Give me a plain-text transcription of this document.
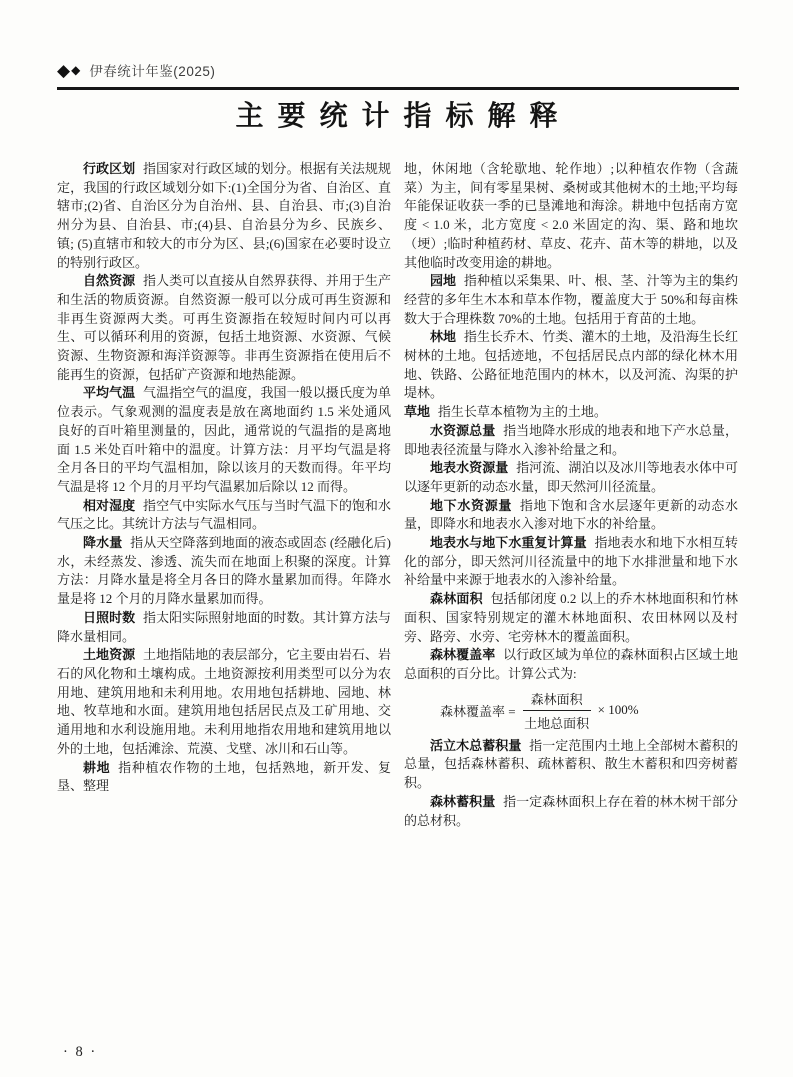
◆ ◆ 伊春统计年鉴(2025)
主要统计指标解释

行政区划 指国家对行政区域的划分。根据有关法规规定，我国的行政区域划分如下:(1)全国分为省、自治区、直辖市;(2)省、自治区分为自治州、县、自治县、市;(3)自治州分为县、自治县、市;(4)县、自治县分为乡、民族乡、镇; (5)直辖市和较大的市分为区、县;(6)国家在必要时设立的特别行政区。

自然资源 指人类可以直接从自然界获得、并用于生产和生活的物质资源。自然资源一般可以分成可再生资源和非再生资源两大类。可再生资源指在较短时间内可以再生、可以循环利用的资源，包括土地资源、水资源、气候资源、生物资源和海洋资源等。非再生资源指在使用后不能再生的资源，包括矿产资源和地热能源。

平均气温 气温指空气的温度，我国一般以摄氏度为单位表示。气象观测的温度表是放在离地面约 1.5 米处通风良好的百叶箱里测量的，因此，通常说的气温指的是离地面 1.5 米处百叶箱中的温度。计算方法：月平均气温是将全月各日的平均气温相加，除以该月的天数而得。年平均气温是将 12 个月的月平均气温累加后除以 12 而得。

相对湿度 指空气中实际水气压与当时气温下的饱和水气压之比。其统计方法与气温相同。

降水量 指从天空降落到地面的液态或固态 (经融化后)水，未经蒸发、渗透、流失而在地面上积聚的深度。计算方法：月降水量是将全月各日的降水量累加而得。年降水量是将 12 个月的月降水量累加而得。

日照时数 指太阳实际照射地面的时数。其计算方法与降水量相同。

土地资源 土地指陆地的表层部分，它主要由岩石、岩石的风化物和土壤构成。土地资源按利用类型可以分为农用地、建筑用地和未利用地。农用地包括耕地、园地、林地、牧草地和水面。建筑用地包括居民点及工矿用地、交通用地和水利设施用地。未利用地指农用地和建筑用地以外的土地，包括滩涂、荒漠、戈壁、冰川和石山等。

耕地 指种植农作物的土地，包括熟地，新开发、复垦、整理

地，休闲地（含轮歇地、轮作地）;以种植农作物（含蔬菜）为主，间有零星果树、桑树或其他树木的土地;平均每年能保证收获一季的已垦滩地和海涂。耕地中包括南方宽度 < 1.0 米，北方宽度 < 2.0 米固定的沟、渠、路和地坎（埂）;临时种植药材、草皮、花卉、苗木等的耕地，以及其他临时改变用途的耕地。

园地 指种植以采集果、叶、根、茎、汁等为主的集约经营的多年生木本和草本作物，覆盖度大于 50%和每亩株数大于合理株数 70%的土地。包括用于育苗的土地。

林地 指生长乔木、竹类、灌木的土地，及沿海生长红树林的土地。包括迹地，不包括居民点内部的绿化林木用地、铁路、公路征地范围内的林木，以及河流、沟渠的护堤林。

草地 指生长草本植物为主的土地。

水资源总量 指当地降水形成的地表和地下产水总量，即地表径流量与降水入渗补给量之和。

地表水资源量 指河流、湖泊以及冰川等地表水体中可以逐年更新的动态水量，即天然河川径流量。

地下水资源量 指地下饱和含水层逐年更新的动态水量，即降水和地表水入渗对地下水的补给量。

地表水与地下水重复计算量 指地表水和地下水相互转化的部分，即天然河川径流量中的地下水排泄量和地下水补给量中来源于地表水的入渗补给量。

森林面积 包括郁闭度 0.2 以上的乔木林地面积和竹林面积、国家特别规定的灌木林地面积、农田林网以及村旁、路旁、水旁、宅旁林木的覆盖面积。

森林覆盖率 以行政区域为单位的森林面积占区域土地总面积的百分比。计算公式为:

森林覆盖率 = $\frac{\text{森林面积}}{\text{土地总面积}} \times 100\%$

活立木总蓄积量 指一定范围内土地上全部树木蓄积的总量，包括森林蓄积、疏林蓄积、散生木蓄积和四旁树蓄积。

森林蓄积量 指一定森林面积上存在着的林木树干部分的总材积。

· 8 ·
